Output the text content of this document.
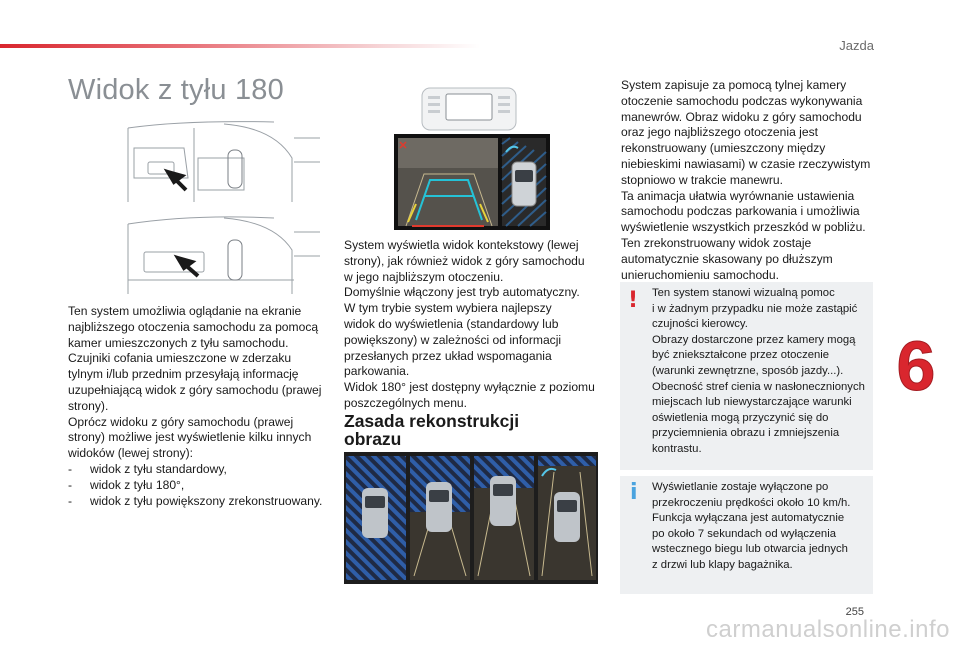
Jazda
Widok z tyłu 180

Ten system umożliwia oglądanie na ekranie
najbliższego otoczenia samochodu za pomocą
kamer umieszczonych z tyłu samochodu.
Czujniki cofania umieszczone w zderzaku
tylnym i/lub przednim przesyłają informację
uzupełniającą widok z góry samochodu (prawej
strony).
Oprócz widoku z góry samochodu (prawej
strony) możliwe jest wyświetlenie kilku innych
widoków (lewej strony):

- widok z tyłu standardowy,
- widok z tyłu 180°,
- widok z tyłu powiększony zrekonstruowany.

System wyświetla widok kontekstowy (lewej
strony), jak również widok z góry samochodu
w jego najbliższym otoczeniu.
Domyślnie włączony jest tryb automatyczny.
W tym trybie system wybiera najlepszy
widok do wyświetlenia (standardowy lub
powiększony) w zależności od informacji
przesłanych przez układ wspomagania
parkowania.
Widok 180° jest dostępny wyłącznie z poziomu
poszczególnych menu.

Zasada rekonstrukcji
obrazu

System zapisuje za pomocą tylnej kamery
otoczenie samochodu podczas wykonywania
manewrów. Obraz widoku z góry samochodu
oraz jego najbliższego otoczenia jest
rekonstruowany (umieszczony między
niebieskimi nawiasami) w czasie rzeczywistym
stopniowo w trakcie manewru.
Ta animacja ułatwia wyrównanie ustawienia
samochodu podczas parkowania i umożliwia
wyświetlenie wszystkich przeszkód w pobliżu.
Ten zrekonstruowany widok zostaje
automatycznie skasowany po dłuższym
unieruchomieniu samochodu.

! Ten system stanowi wizualną pomoc
i w żadnym przypadku nie może zastąpić
czujności kierowcy.
Obrazy dostarczone przez kamery mogą
być zniekształcone przez otoczenie
(warunki zewnętrzne, sposób jazdy...).
Obecność stref cienia w nasłonecznionych
miejscach lub niewystarczające warunki
oświetlenia mogą przyczynić się do
przyciemnienia obrazu i zmniejszenia
kontrastu.
i Wyświetlanie zostaje wyłączone po
przekroczeniu prędkości około 10 km/h.
Funkcja wyłączana jest automatycznie
po około 7 sekundach od wyłączenia
wstecznego biegu lub otwarcia jednych
z drzwi lub klapy bagażnika.
6
255
carmanualsonline.info
